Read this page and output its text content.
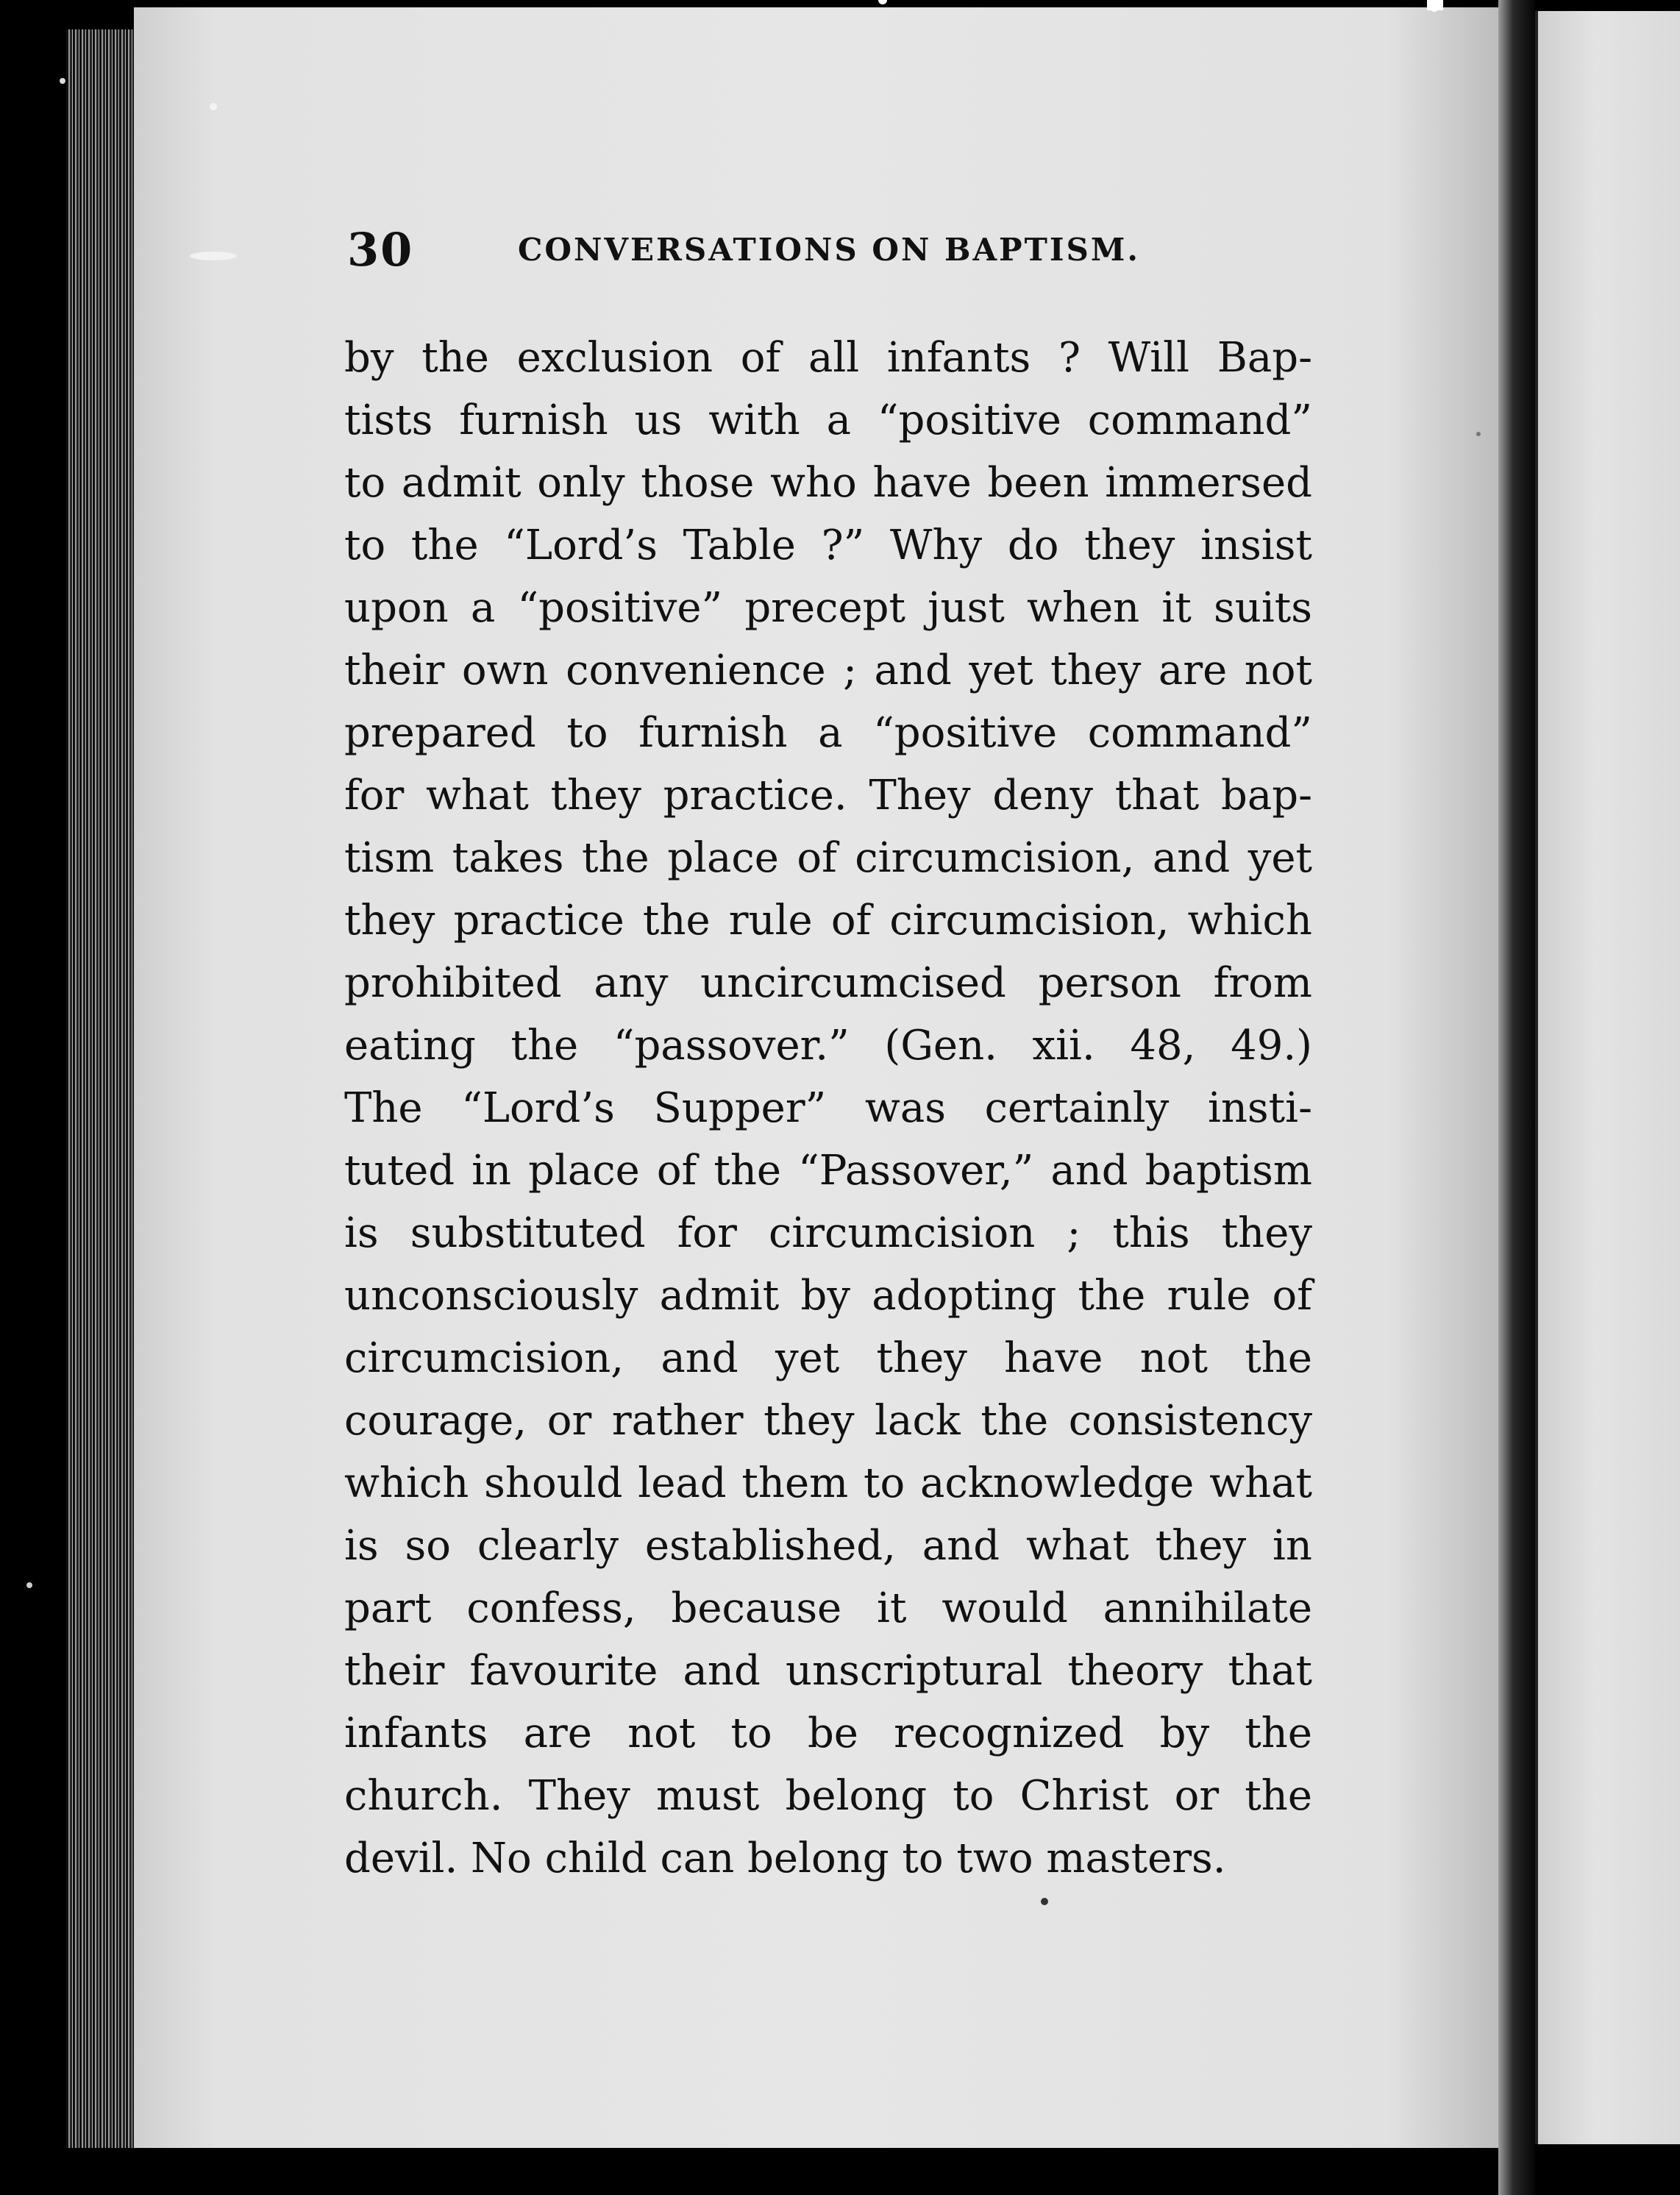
30	CONVERSATIONS ON BAPTISM.
by the exclusion of all infants ? Will Bap-
tists furnish us with a “positive command”
to admit only those who have been immersed
to the “Lord’s Table ?” Why do they insist
upon a “positive” precept just when it suits
their own convenience ; and yet they are not
prepared to furnish a “positive command”
for what they practice. They deny that bap-
tism takes the place of circumcision, and yet
they practice the rule of circumcision, which
prohibited any uncircumcised person from
eating the “passover.” (Gen. xii. 48, 49.)
The “Lord’s Supper” was certainly insti-
tuted in place of the “Passover,” and baptism
is substituted for circumcision ; this they
unconsciously admit by adopting the rule of
circumcision, and yet they have not the
courage, or rather they lack the consistency
which should lead them to acknowledge what
is so clearly established, and what they in
part confess, because it would annihilate
their favourite and unscriptural theory that
infants are not to be recognized by the
church. They must belong to Christ or the
devil. No child can belong to two masters.
